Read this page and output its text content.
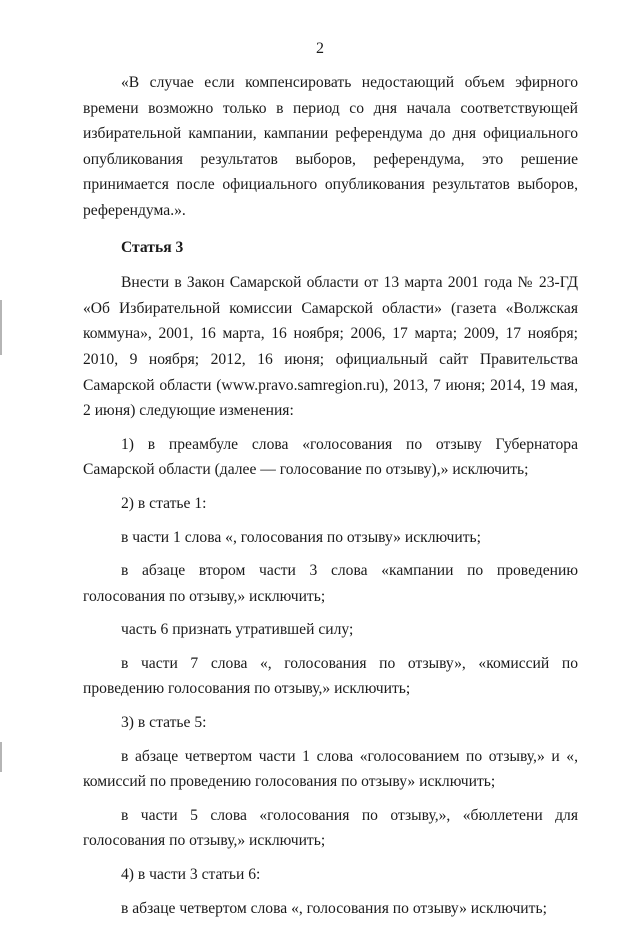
2

«В случае если компенсировать недостающий объем эфирного времени возможно только в период со дня начала соответствующей избирательной кампании, кампании референдума до дня официального опубликования результатов выборов, референдума, это решение принимается после официального опубликования результатов выборов, референдума.».

Статья 3

Внести в Закон Самарской области от 13 марта 2001 года № 23-ГД «Об Избирательной комиссии Самарской области» (газета «Волжская коммуна», 2001, 16 марта, 16 ноября; 2006, 17 марта; 2009, 17 ноября; 2010, 9 ноября; 2012, 16 июня; официальный сайт Правительства Самарской области (www.pravo.samregion.ru), 2013, 7 июня; 2014, 19 мая, 2 июня) следующие изменения:

1) в преамбуле слова «голосования по отзыву Губернатора Самарской области (далее — голосование по отзыву),» исключить;

2) в статье 1:

в части 1 слова «, голосования по отзыву» исключить;

в абзаце втором части 3 слова «кампании по проведению голосования по отзыву,» исключить;

часть 6 признать утратившей силу;

в части 7 слова «, голосования по отзыву», «комиссий по проведению голосования по отзыву,» исключить;

3) в статье 5:

в абзаце четвертом части 1 слова «голосованием по отзыву,» и «, комиссий по проведению голосования по отзыву» исключить;

в части 5 слова «голосования по отзыву,», «бюллетени для голосования по отзыву,» исключить;

4) в части 3 статьи 6:

в абзаце четвертом слова «, голосования по отзыву» исключить;
